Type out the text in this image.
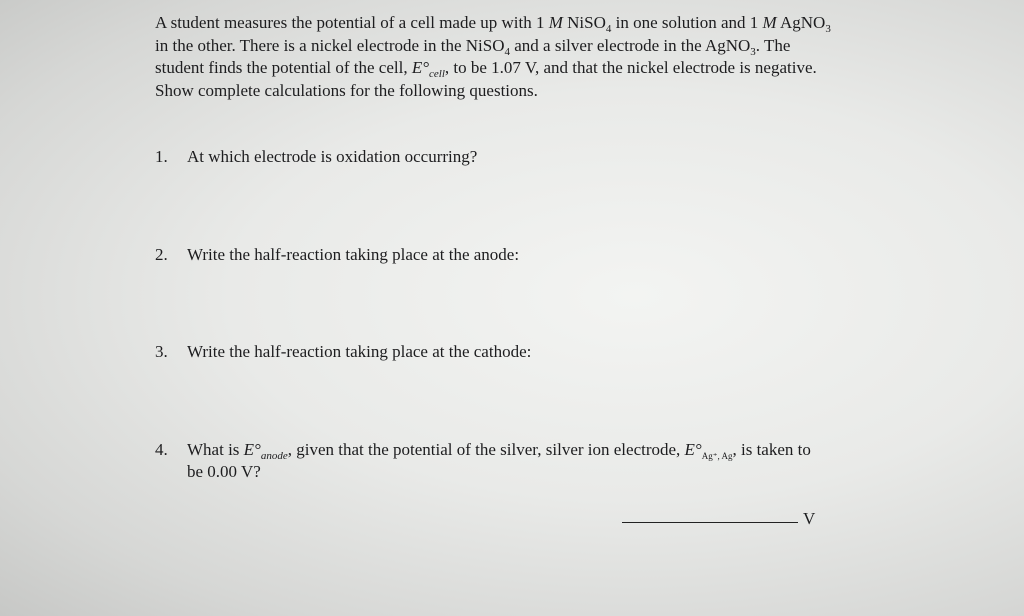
A student measures the potential of a cell made up with 1 M NiSO$_4$ in one solution and 1 M AgNO$_3$

in the other. There is a nickel electrode in the NiSO$_4$ and a silver electrode in the AgNO$_3$. The

student finds the potential of the cell, $E^\circ_{cell}$, to be 1.07 V, and that the nickel electrode is negative.

Show complete calculations for the following questions.

1. At which electrode is oxidation occurring?
2. Write the half-reaction taking place at the anode:
3. Write the half-reaction taking place at the cathode:
4. What is $E^\circ_{anode}$, given that the potential of the silver, silver ion electrode, $E^\circ_{Ag^+, Ag}$, is taken to
be 0.00 V?
V
